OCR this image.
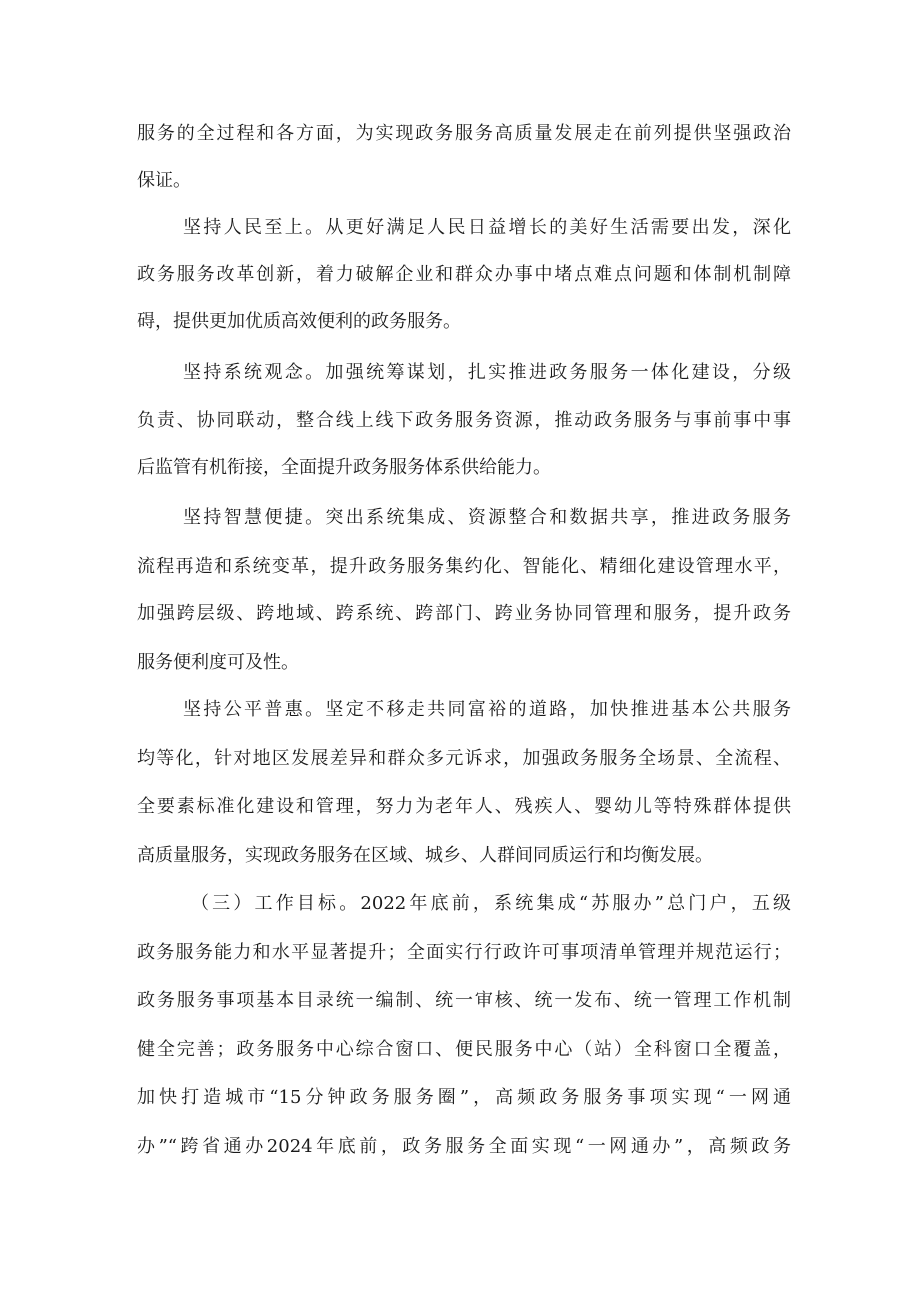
服务的全过程和各方面，为实现政务服务高质量发展走在前列提供坚强政治
保证。
坚持人民至上。从更好满足人民日益增长的美好生活需要出发，深化
政务服务改革创新，着力破解企业和群众办事中堵点难点问题和体制机制障
碍，提供更加优质高效便利的政务服务。
坚持系统观念。加强统筹谋划，扎实推进政务服务一体化建设，分级
负责、协同联动，整合线上线下政务服务资源，推动政务服务与事前事中事
后监管有机衔接，全面提升政务服务体系供给能力。
坚持智慧便捷。突出系统集成、资源整合和数据共享，推进政务服务
流程再造和系统变革，提升政务服务集约化、智能化、精细化建设管理水平，
加强跨层级、跨地域、跨系统、跨部门、跨业务协同管理和服务，提升政务
服务便利度可及性。
坚持公平普惠。坚定不移走共同富裕的道路，加快推进基本公共服务
均等化，针对地区发展差异和群众多元诉求，加强政务服务全场景、全流程、
全要素标准化建设和管理，努力为老年人、残疾人、婴幼儿等特殊群体提供
高质量服务，实现政务服务在区域、城乡、人群间同质运行和均衡发展。
（三）工作目标。2022年底前，系统集成“苏服办”总门户，五级
政务服务能力和水平显著提升；全面实行行政许可事项清单管理并规范运行；
政务服务事项基本目录统一编制、统一审核、统一发布、统一管理工作机制
健全完善；政务服务中心综合窗口、便民服务中心（站）全科窗口全覆盖，
加快打造城市“15分钟政务服务圈”，高频政务服务事项实现“一网通
办”“跨省通办2024年底前，政务服务全面实现“一网通办”，高频政务
